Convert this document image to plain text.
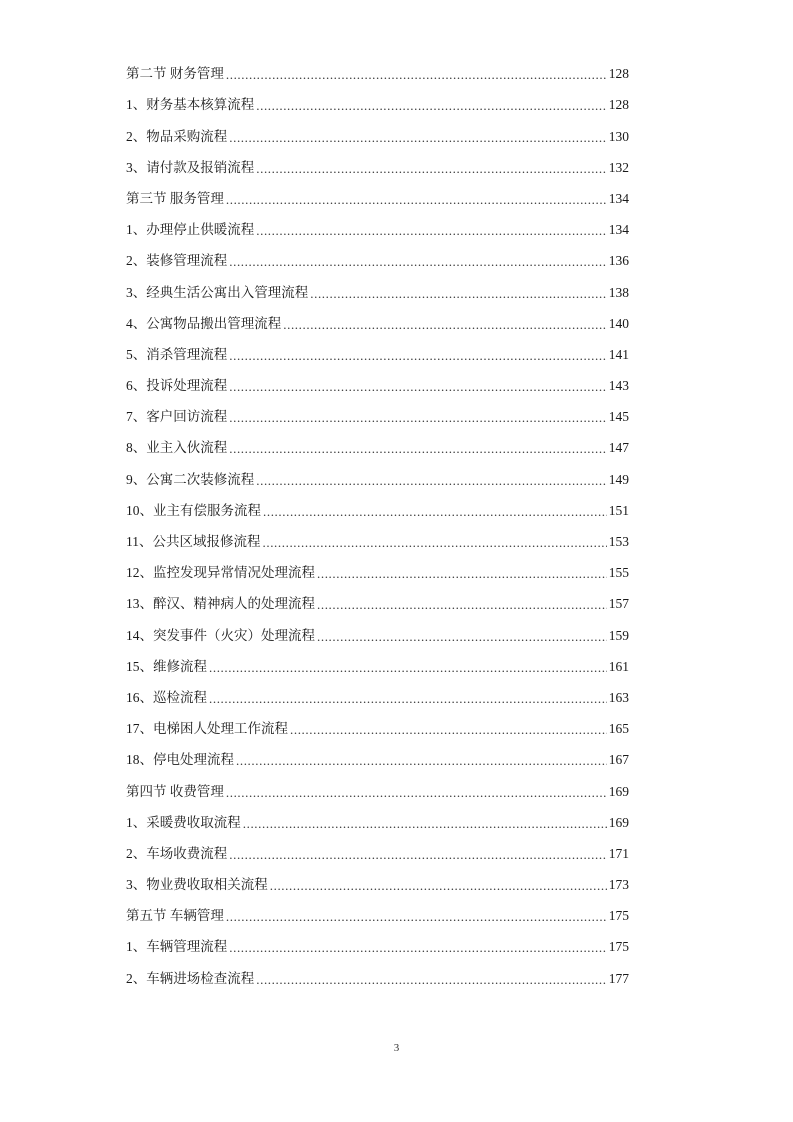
第二节 财务管理 .....	128
1、财务基本核算流程 .....	128
2、物品采购流程 .....	130
3、请付款及报销流程 .....	132
第三节 服务管理 .....	134
1、办理停止供暖流程 .....	134
2、装修管理流程 .....	136
3、经典生活公寓出入管理流程 .....	138
4、公寓物品搬出管理流程 .....	140
5、消杀管理流程 .....	141
6、投诉处理流程 .....	143
7、客户回访流程 .....	145
8、业主入伙流程 .....	147
9、公寓二次装修流程 .....	149
10、业主有偿服务流程 .....	151
11、公共区域报修流程 .....	153
12、监控发现异常情况处理流程 .....	155
13、醉汉、精神病人的处理流程 .....	157
14、突发事件（火灾）处理流程 .....	159
15、维修流程 .....	161
16、巡检流程 .....	163
17、电梯困人处理工作流程 .....	165
18、停电处理流程 .....	167
第四节 收费管理 .....	169
1、采暖费收取流程 .....	169
2、车场收费流程 .....	171
3、物业费收取相关流程 .....	173
第五节 车辆管理 .....	175
1、车辆管理流程 .....	175
2、车辆进场检查流程 .....	177
3
